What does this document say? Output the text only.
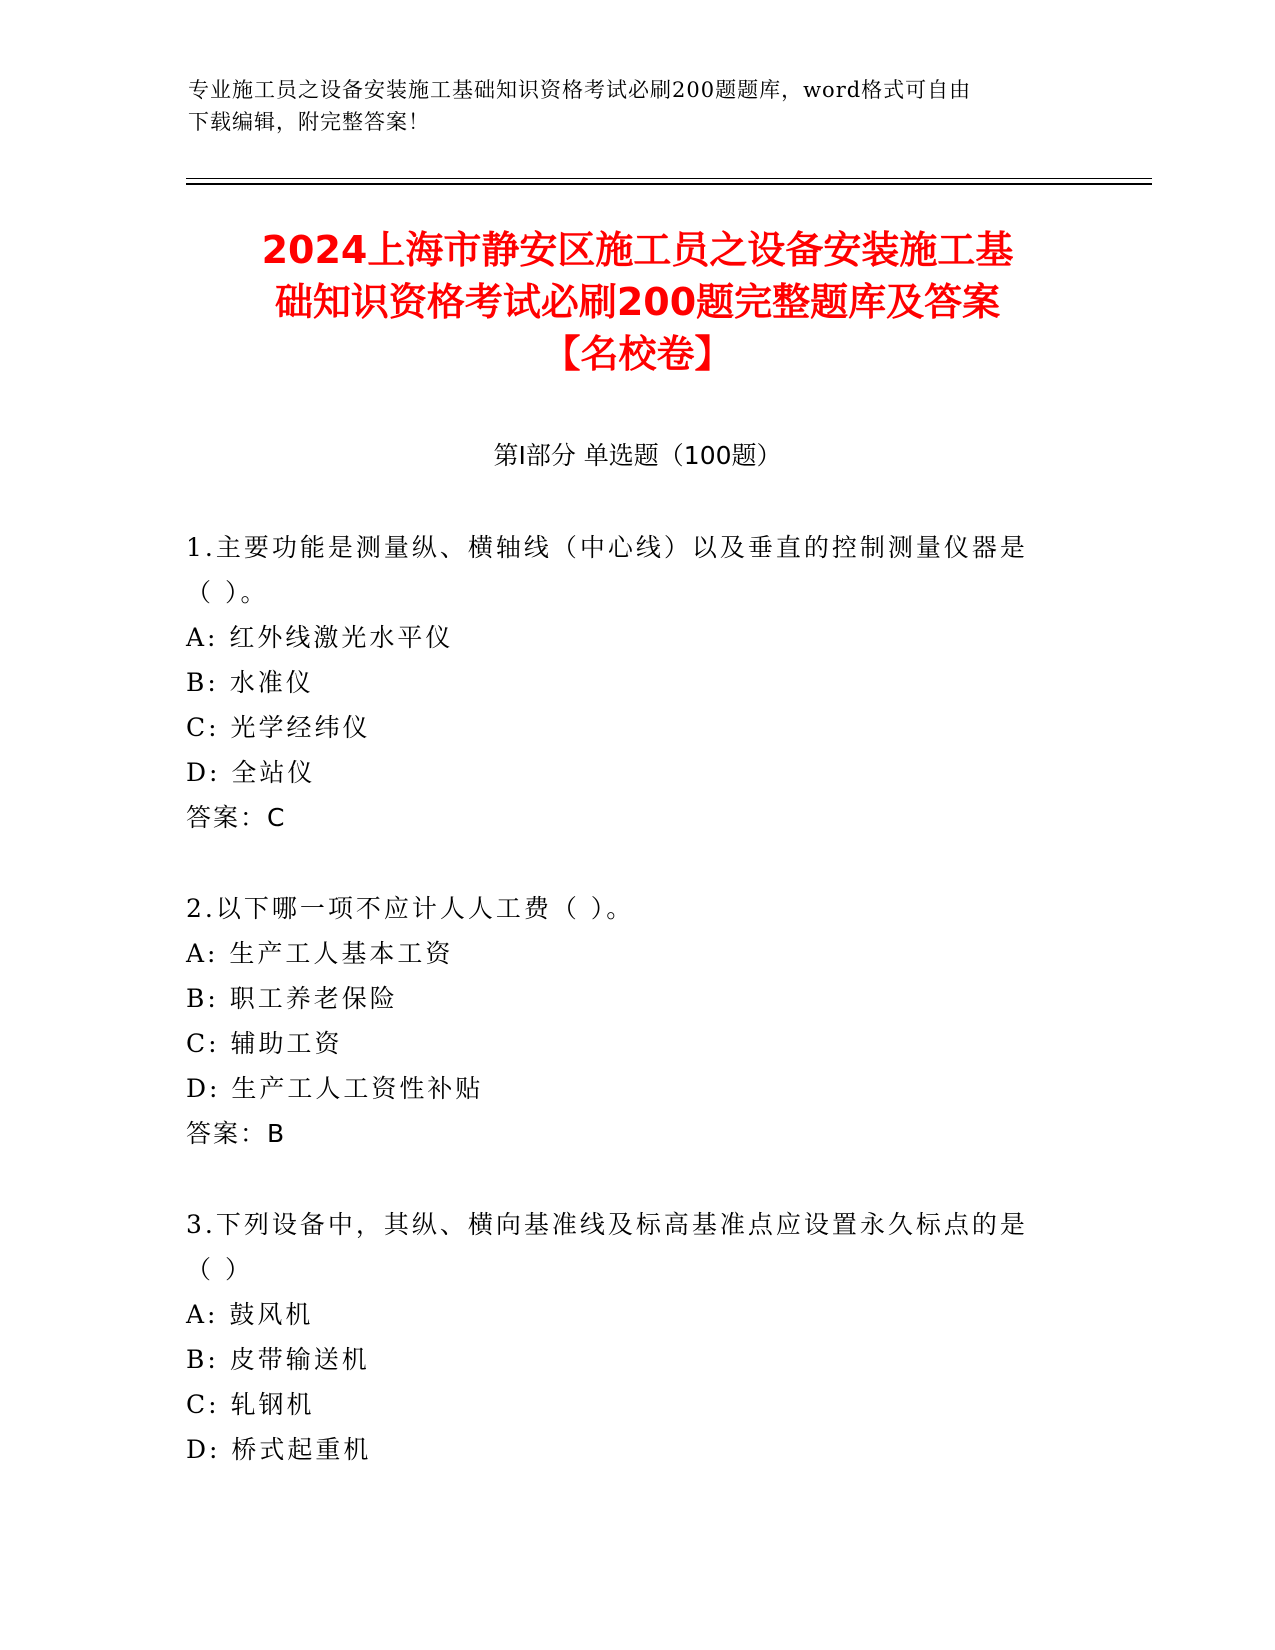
专业施工员之设备安装施工基础知识资格考试必刷200题题库，word格式可自由
下载编辑，附完整答案！
2024上海市静安区施工员之设备安装施工基
础知识资格考试必刷200题完整题库及答案
【名校卷】
第I部分 单选题（100题）
1.主要功能是测量纵、横轴线（中心线）以及垂直的控制测量仪器是
（ ）。
A: 红外线激光水平仪
B: 水准仪
C: 光学经纬仪
D: 全站仪
答案：C
2.以下哪一项不应计人人工费（ ）。
A: 生产工人基本工资
B: 职工养老保险
C: 辅助工资
D: 生产工人工资性补贴
答案：B
3.下列设备中，其纵、横向基准线及标高基准点应设置永久标点的是
（ ）
A: 鼓风机
B: 皮带输送机
C: 轧钢机
D: 桥式起重机
